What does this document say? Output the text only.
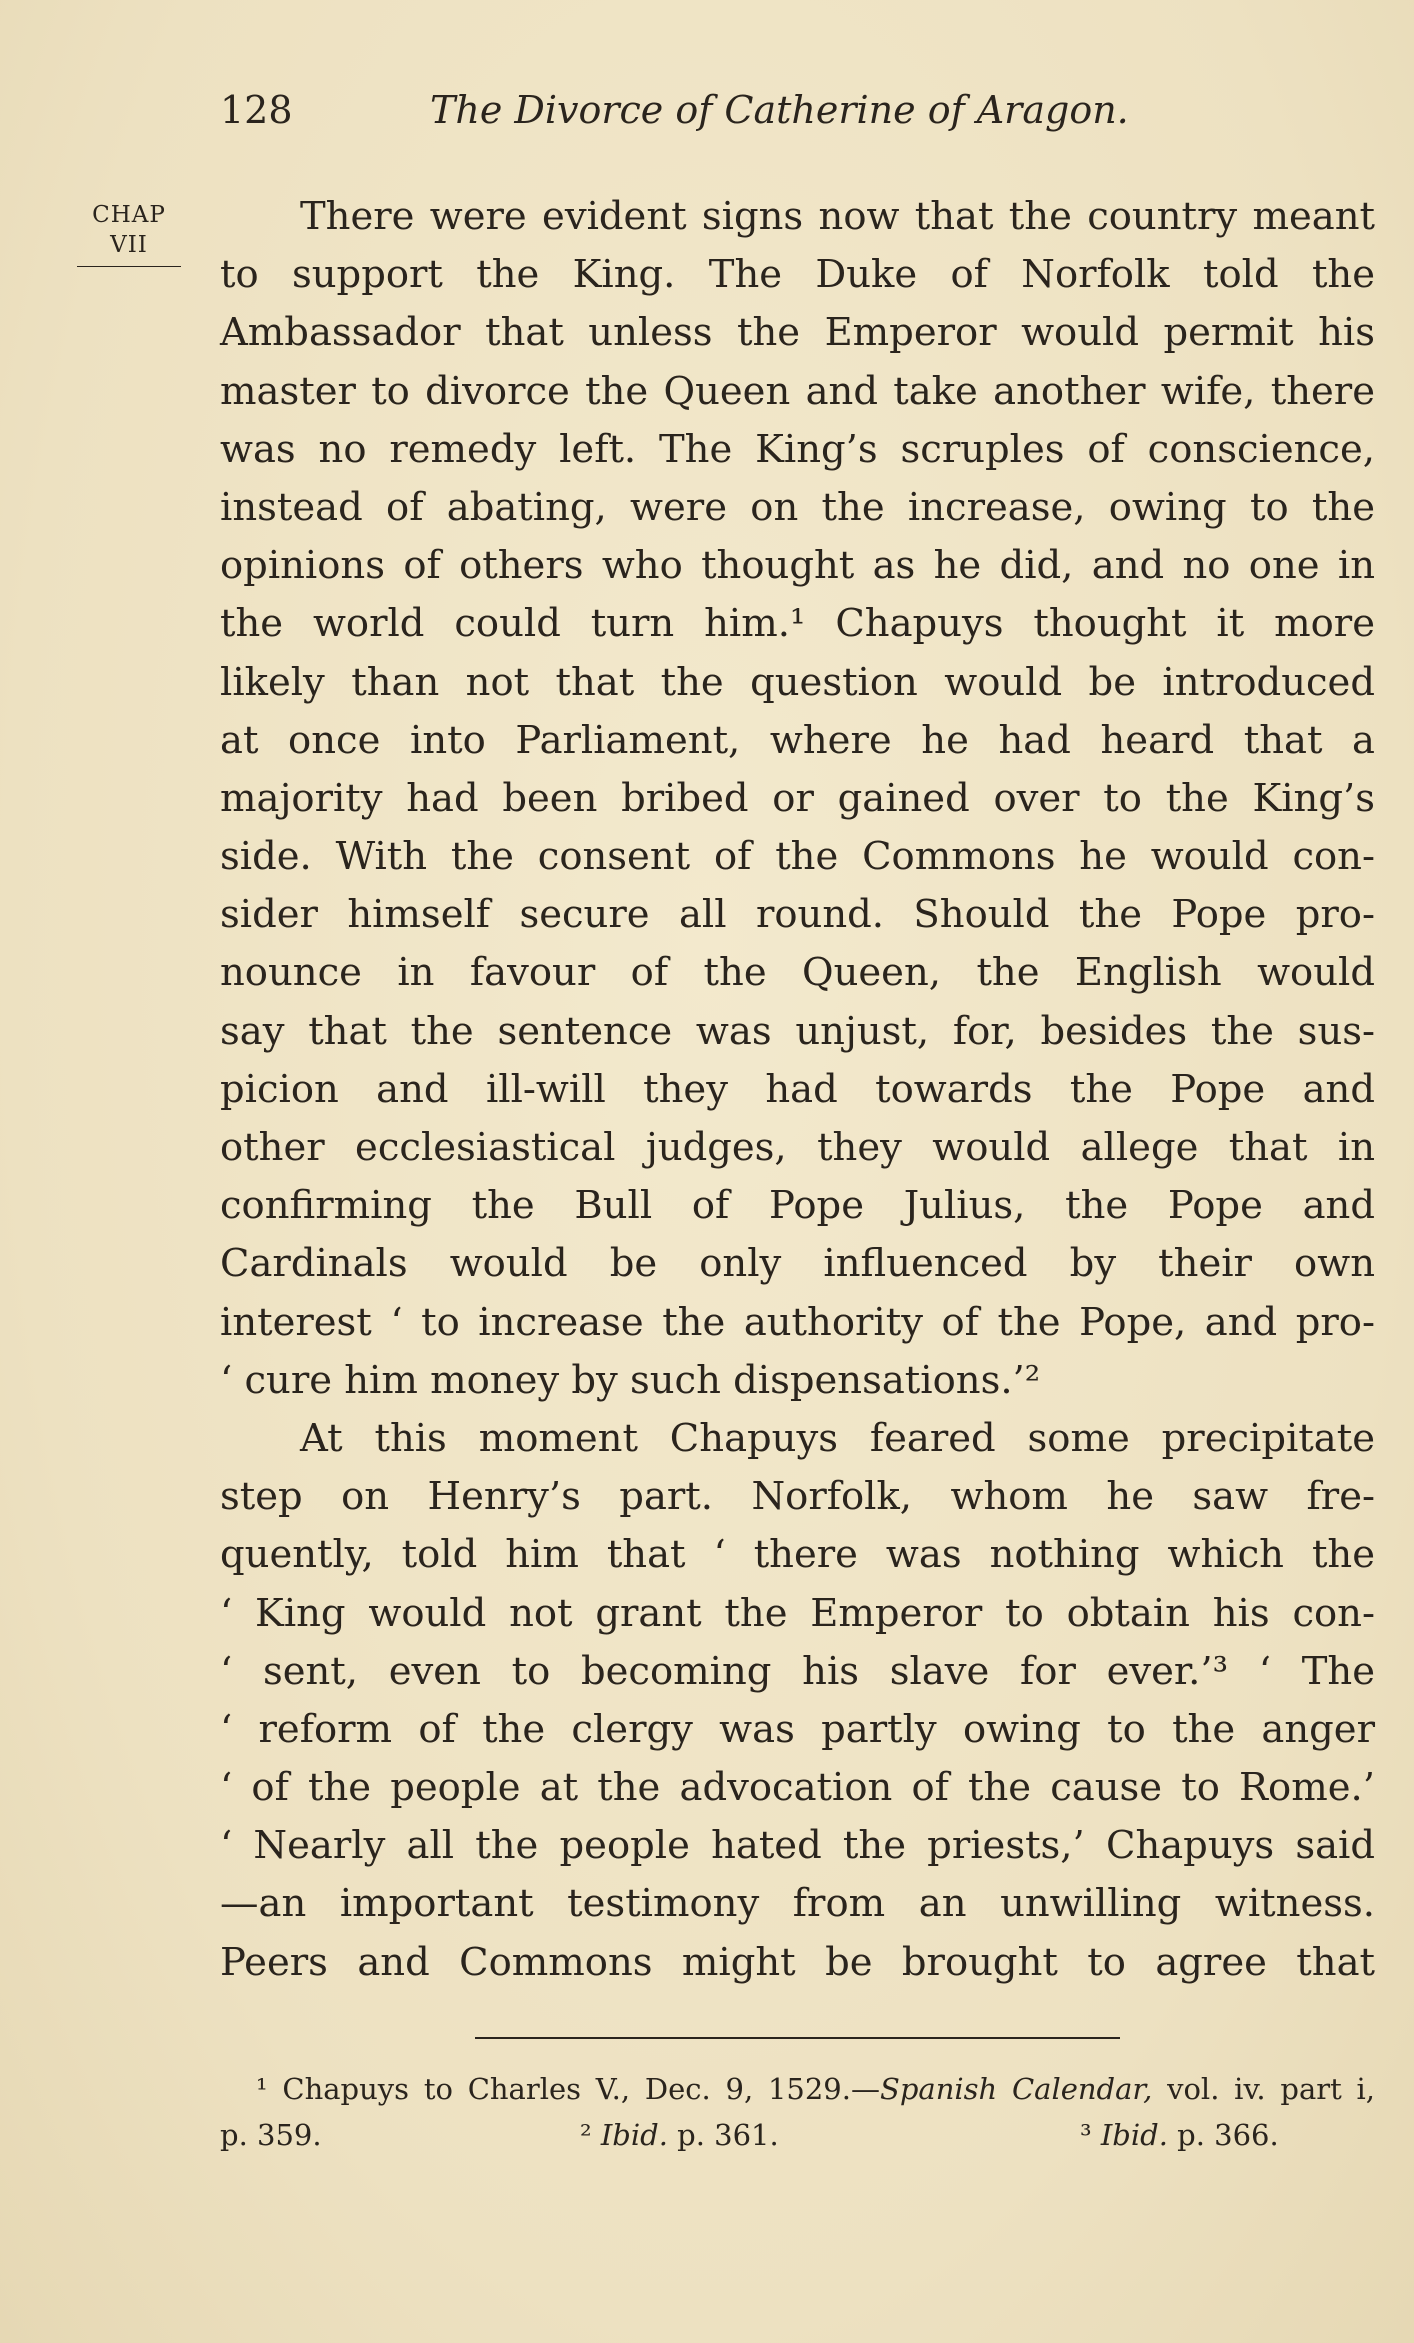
128	The Divorce of Catherine of Aragon.
CHAP
VII
There were evident signs now that the country meant
to support the King. The Duke of Norfolk told the
Ambassador that unless the Emperor would permit his
master to divorce the Queen and take another wife, there
was no remedy left. The King’s scruples of conscience,
instead of abating, were on the increase, owing to the
opinions of others who thought as he did, and no one in
the world could turn him.¹ Chapuys thought it more
likely than not that the question would be introduced
at once into Parliament, where he had heard that a
majority had been bribed or gained over to the King’s
side. With the consent of the Commons he would con-
sider himself secure all round. Should the Pope pro-
nounce in favour of the Queen, the English would
say that the sentence was unjust, for, besides the sus-
picion and ill-will they had towards the Pope and
other ecclesiastical judges, they would allege that in
confirming the Bull of Pope Julius, the Pope and
Cardinals would be only influenced by their own
interest ‘ to increase the authority of the Pope, and pro-
‘ cure him money by such dispensations.’²
At this moment Chapuys feared some precipitate
step on Henry’s part. Norfolk, whom he saw fre-
quently, told him that ‘ there was nothing which the
‘ King would not grant the Emperor to obtain his con-
‘ sent, even to becoming his slave for ever.’³ ‘ The
‘ reform of the clergy was partly owing to the anger
‘ of the people at the advocation of the cause to Rome.’
‘ Nearly all the people hated the priests,’ Chapuys said
—an important testimony from an unwilling witness.
Peers and Commons might be brought to agree that
¹ Chapuys to Charles V., Dec. 9, 1529.—Spanish Calendar, vol. iv. part i,
p. 359.	² Ibid. p. 361.	³ Ibid. p. 366.
